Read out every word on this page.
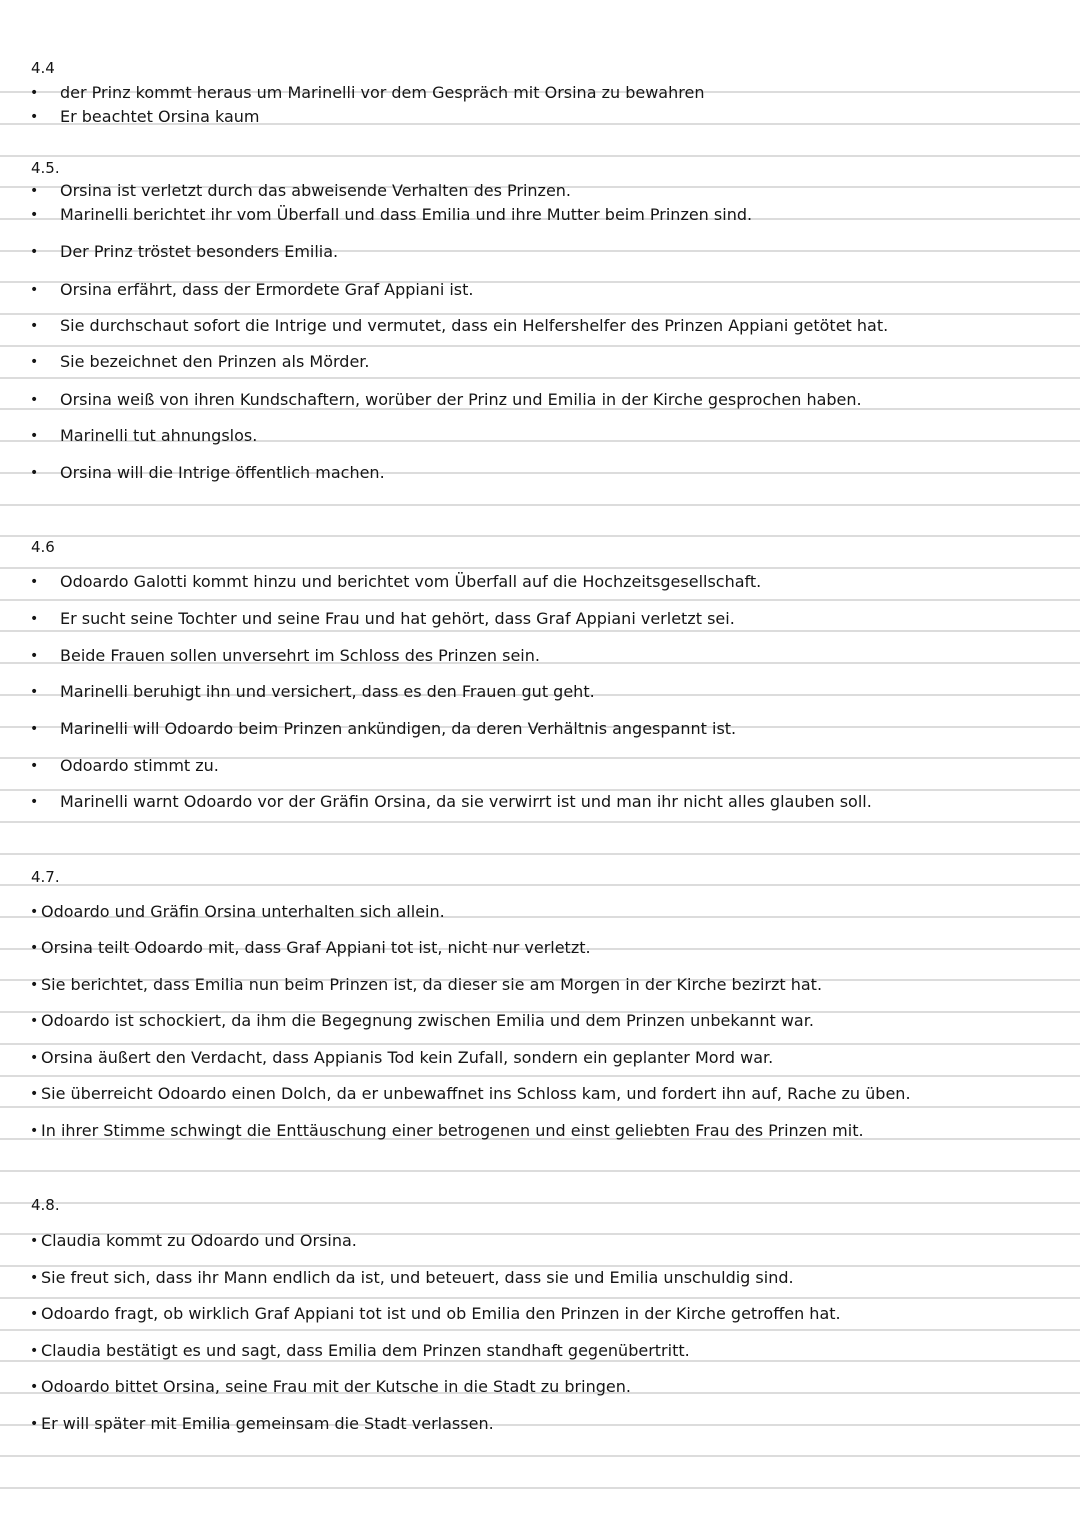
4.4
• der Prinz kommt heraus um Marinelli vor dem Gespräch mit Orsina zu bewahren
• Er beachtet Orsina kaum
4.5.
• Orsina ist verletzt durch das abweisende Verhalten des Prinzen.
• Marinelli berichtet ihr vom Überfall und dass Emilia und ihre Mutter beim Prinzen sind.
• Der Prinz tröstet besonders Emilia.
• Orsina erfährt, dass der Ermordete Graf Appiani ist.
• Sie durchschaut sofort die Intrige und vermutet, dass ein Helfershelfer des Prinzen Appiani getötet hat.
• Sie bezeichnet den Prinzen als Mörder.
• Orsina weiß von ihren Kundschaftern, worüber der Prinz und Emilia in der Kirche gesprochen haben.
• Marinelli tut ahnungslos.
• Orsina will die Intrige öffentlich machen.
4.6
• Odoardo Galotti kommt hinzu und berichtet vom Überfall auf die Hochzeitsgesellschaft.
• Er sucht seine Tochter und seine Frau und hat gehört, dass Graf Appiani verletzt sei.
• Beide Frauen sollen unversehrt im Schloss des Prinzen sein.
• Marinelli beruhigt ihn und versichert, dass es den Frauen gut geht.
• Marinelli will Odoardo beim Prinzen ankündigen, da deren Verhältnis angespannt ist.
• Odoardo stimmt zu.
• Marinelli warnt Odoardo vor der Gräfin Orsina, da sie verwirrt ist und man ihr nicht alles glauben soll.
4.7.
• Odoardo und Gräfin Orsina unterhalten sich allein.
• Orsina teilt Odoardo mit, dass Graf Appiani tot ist, nicht nur verletzt.
• Sie berichtet, dass Emilia nun beim Prinzen ist, da dieser sie am Morgen in der Kirche bezirzt hat.
• Odoardo ist schockiert, da ihm die Begegnung zwischen Emilia und dem Prinzen unbekannt war.
• Orsina äußert den Verdacht, dass Appianis Tod kein Zufall, sondern ein geplanter Mord war.
• Sie überreicht Odoardo einen Dolch, da er unbewaffnet ins Schloss kam, und fordert ihn auf, Rache zu üben.
• In ihrer Stimme schwingt die Enttäuschung einer betrogenen und einst geliebten Frau des Prinzen mit.
4.8.
• Claudia kommt zu Odoardo und Orsina.
• Sie freut sich, dass ihr Mann endlich da ist, und beteuert, dass sie und Emilia unschuldig sind.
• Odoardo fragt, ob wirklich Graf Appiani tot ist und ob Emilia den Prinzen in der Kirche getroffen hat.
• Claudia bestätigt es und sagt, dass Emilia dem Prinzen standhaft gegenübertritt.
• Odoardo bittet Orsina, seine Frau mit der Kutsche in die Stadt zu bringen.
• Er will später mit Emilia gemeinsam die Stadt verlassen.
